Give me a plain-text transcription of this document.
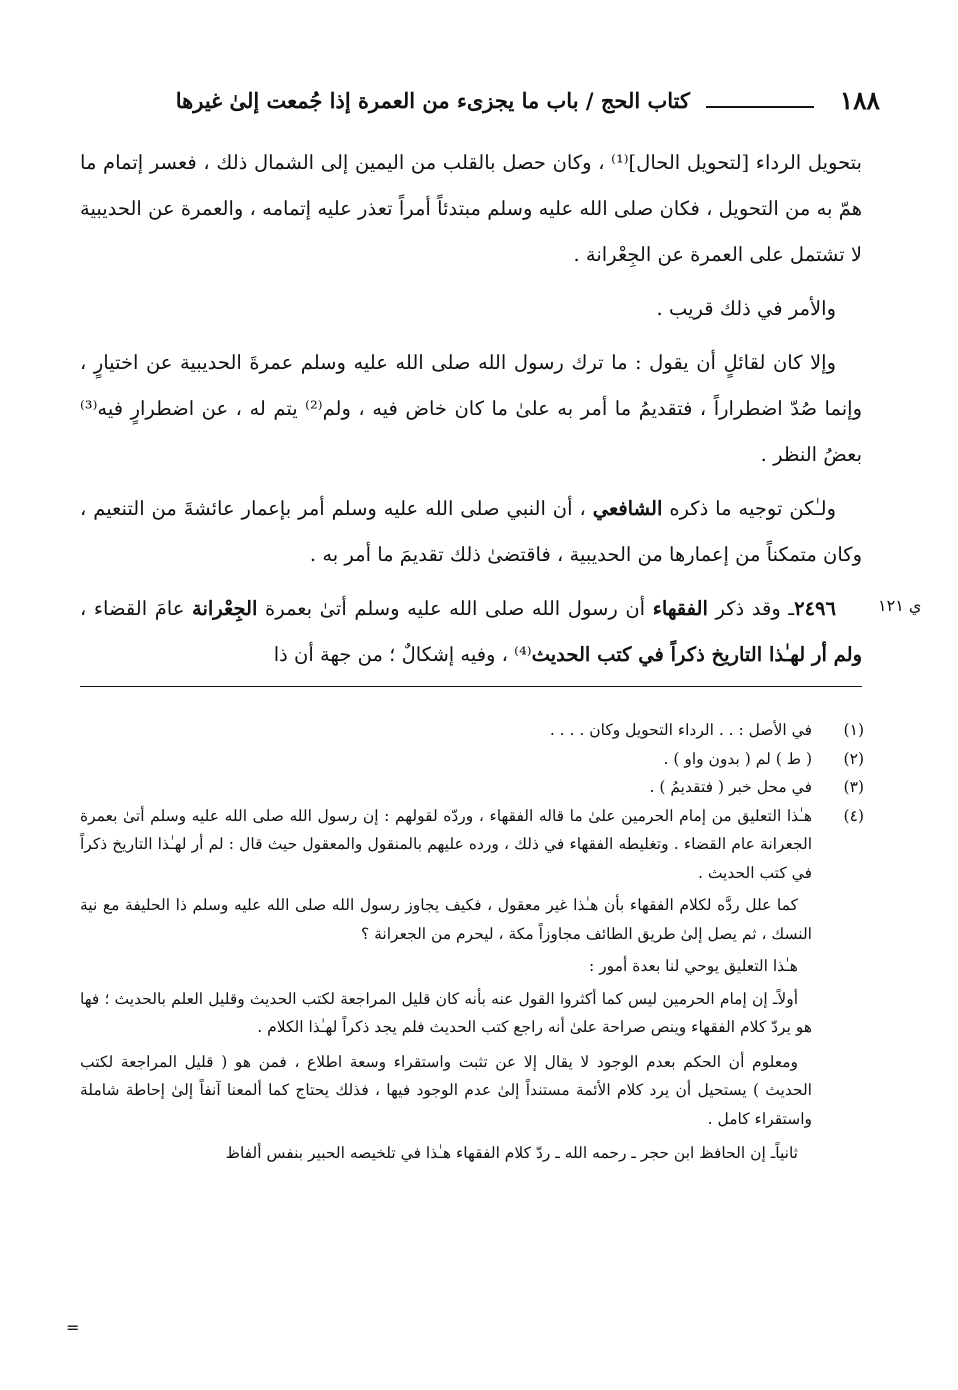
١٨٨
كتاب الحج / باب ما يجزىء من العمرة إذا جُمعت إلىٰ غيرها

بتحويل الرداء [لتحويل الحال]⁽¹⁾ ، وكان حصل بالقلب من اليمين إلى الشمال ذلك ، فعسر إتمام ما همّ به من التحويل ، فكان صلى الله عليه وسلم مبتدئاً أمراً تعذر عليه إتمامه ، والعمرة عن الحديبية لا تشتمل على العمرة عن الجِعْرانة .

والأمر في ذلك قريب .

وإلا كان لقائلٍ أن يقول : ما ترك رسول الله صلى الله عليه وسلم عمرةَ الحديبية عن اختيارٍ ، وإنما صُدّ اضطراراً ، فتقديمُ ما أمر به علىٰ ما كان خاض فيه ، ولم⁽²⁾ يتم له ، عن اضطرارٍ فيه⁽³⁾ بعضُ النظر .

ولـٰكن توجيه ما ذكره الشافعي ، أن النبي صلى الله عليه وسلم أمر بإعمار عائشةَ من التنعيم ، وكان متمكناً من إعمارها من الحديبية ، فاقتضىٰ ذلك تقديمَ ما أمر به .

٢٤٩٦ـ وقد ذكر الفقهاء أن رسول الله صلى الله عليه وسلم أتىٰ بعمرة الجِعْرانة عامَ القضاء ، ولم أر لهـٰذا التاريخ ذكراً في كتب الحديث⁽⁴⁾ ، وفيه إشكالٌ ؛ من جهة أن ذا

ي ١٢١
(١)
في الأصل : . . الرداء التحويل وكان . . . .
(٢)
( ط ) لم ( بدون واو ) .
(٣)
في محل خبر ( فتقديمُ ) .
(٤)
هـٰذا التعليق من إمام الحرمين علىٰ ما قاله الفقهاء ، وردّه لقولهم : إن رسول الله صلى الله عليه وسلم أتىٰ بعمرة الجعرانة عام القضاء . وتغليطه الفقهاء في ذلك ، ورده عليهم بالمنقول والمعقول حيث قال : لم أر لهـٰذا التاريخ ذكراً في كتب الحديث .

كما علل ردَّه لكلام الفقهاء بأن هـٰذا غير معقول ، فكيف يجاوز رسول الله صلى الله عليه وسلم ذا الحليفة مع نية النسك ، ثم يصل إلىٰ طريق الطائف مجاوزاً مكة ، ليحرم من الجعرانة ؟

هـٰذا التعليق يوحي لنا بعدة أمور :

أولاًـ إن إمام الحرمين ليس كما أكثروا القول عنه بأنه كان قليل المراجعة لكتب الحديث وقليل العلم بالحديث ؛ فها هو يردّ كلام الفقهاء وينص صراحة علىٰ أنه راجع كتب الحديث فلم يجد ذكراً لهـٰذا الكلام .

ومعلوم أن الحكم بعدم الوجود لا يقال إلا عن تثبت واستقراء وسعة اطلاع ، فمن هو ( قليل المراجعة لكتب الحديث ) يستحيل أن يرد كلام الأئمة مستنداً إلىٰ عدم الوجود فيها ، فذلك يحتاج كما ألمعنا آنفاً إلىٰ إحاطة شاملة واستقراء كامل .

ثانياًـ إن الحافظ ابن حجر ـ رحمه الله ـ ردّ كلام الفقهاء هـٰذا في تلخيصه الحبير بنفس ألفاظ

=
